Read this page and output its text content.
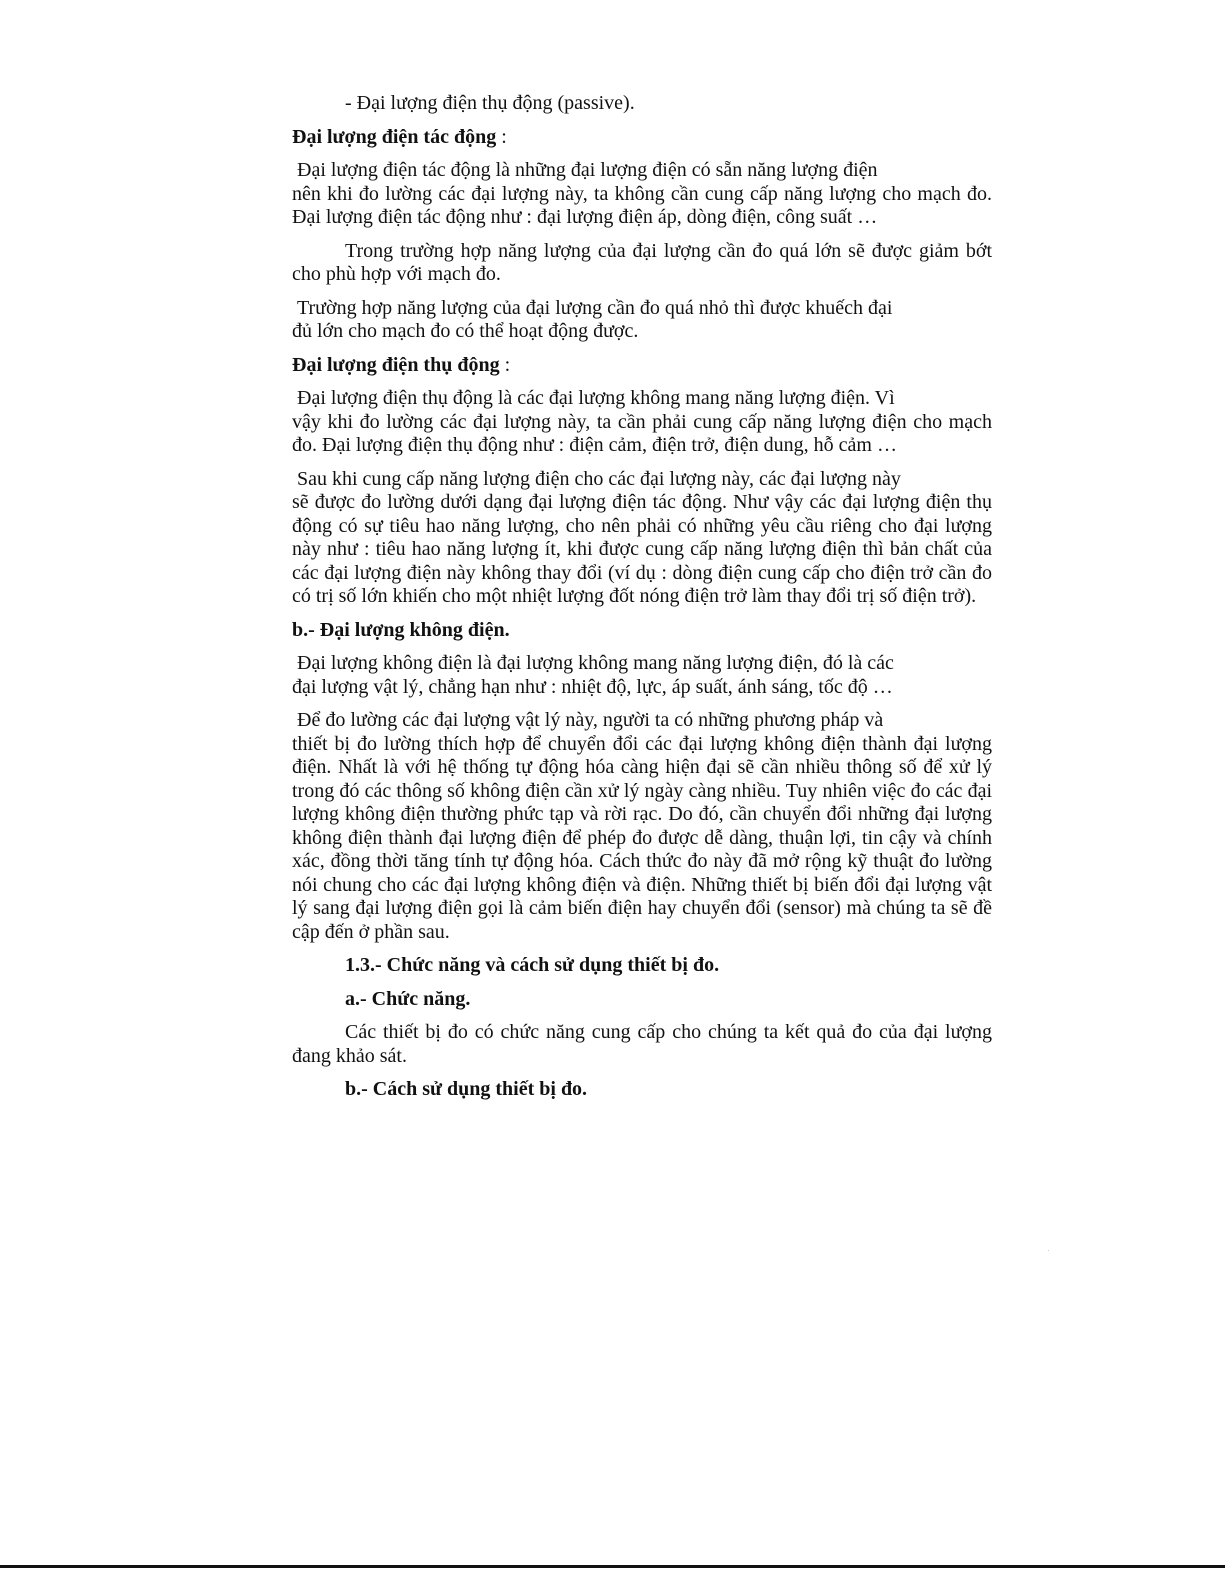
- Đại lượng điện thụ động (passive).

Đại lượng điện tác động :

Đại lượng điện tác động là những đại lượng điện có sẵn năng lượng điện
nên khi đo lường các đại lượng này, ta không cần cung cấp năng lượng cho mạch đo. Đại lượng điện tác động như : đại lượng điện áp, dòng điện, công suất …

Trong trường hợp năng lượng của đại lượng cần đo quá lớn sẽ được giảm bớt cho phù hợp với mạch đo.

Trường hợp năng lượng của đại lượng cần đo quá nhỏ thì được khuếch đại
đủ lớn cho mạch đo có thể hoạt động được.

Đại lượng điện thụ động :

Đại lượng điện thụ động là các đại lượng không mang năng lượng điện. Vì
vậy khi đo lường các đại lượng này, ta cần phải cung cấp năng lượng điện cho mạch đo. Đại lượng điện thụ động như : điện cảm, điện trở, điện dung, hỗ cảm …

Sau khi cung cấp năng lượng điện cho các đại lượng này, các đại lượng này
sẽ được đo lường dưới dạng đại lượng điện tác động. Như vậy các đại lượng điện thụ động có sự tiêu hao năng lượng, cho nên phải có những yêu cầu riêng cho đại lượng này như : tiêu hao năng lượng ít, khi được cung cấp năng lượng điện thì bản chất của các đại lượng điện này không thay đổi (ví dụ : dòng điện cung cấp cho điện trở cần đo có trị số lớn khiến cho một nhiệt lượng đốt nóng điện trở làm thay đổi trị số điện trở).

b.- Đại lượng không điện.

Đại lượng không điện là đại lượng không mang năng lượng điện, đó là các
đại lượng vật lý, chẳng hạn như : nhiệt độ, lực, áp suất, ánh sáng, tốc độ …

Để đo lường các đại lượng vật lý này, người ta có những phương pháp và
thiết bị đo lường thích hợp để chuyển đổi các đại lượng không điện thành đại lượng điện. Nhất là với hệ thống tự động hóa càng hiện đại sẽ cần nhiều thông số để xử lý trong đó các thông số không điện cần xử lý ngày càng nhiều. Tuy nhiên việc đo các đại lượng không điện thường phức tạp và rời rạc. Do đó, cần chuyển đổi những đại lượng không điện thành đại lượng điện để phép đo được dễ dàng, thuận lợi, tin cậy và chính xác, đồng thời tăng tính tự động hóa. Cách thức đo này đã mở rộng kỹ thuật đo lường nói chung cho các đại lượng không điện và điện. Những thiết bị biến đổi đại lượng vật lý sang đại lượng điện gọi là cảm biến điện hay chuyển đổi (sensor) mà chúng ta sẽ đề cập đến ở phần sau.

1.3.- Chức năng và cách sử dụng thiết bị đo.

a.- Chức năng.

Các thiết bị đo có chức năng cung cấp cho chúng ta kết quả đo của đại lượng đang khảo sát.

b.- Cách sử dụng thiết bị đo.
